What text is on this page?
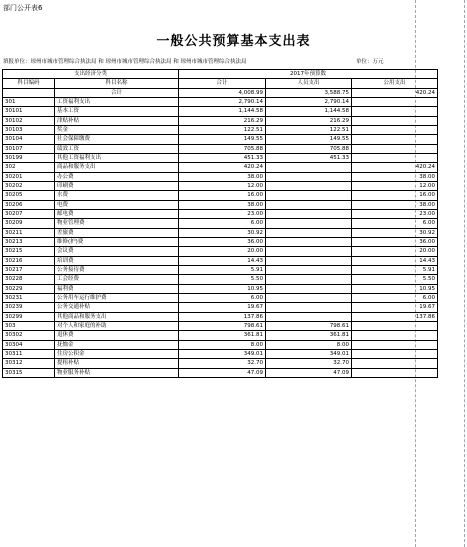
部门公开表6
一般公共预算基本支出表
填报单位：琼州市城市管理综合执法局 和 琼州市城市管理综合执法局 和 琼州市城市管理综合执法局	单位：万元
支出经济分类		2017年预算数		
科目编码	科目名称	合计	人员支出	公用支出
	合计	4,008.99	3,588.75	420.24
301	工资福利支出	2,790.14	2,790.14	
30101	基本工资	1,144.58	1,144.58	
30102	津贴补贴	216.29	216.29	
30103	奖金	122.51	122.51	
30104	社会保障缴费	149.55	149.55	
30107	绩效工资	705.88	705.88	
30199	其他工资福利支出	451.33	451.33	
302	商品和服务支出	420.24		420.24
30201	办公费	38.00		38.00
30202	印刷费	12.00		12.00
30205	水费	16.00		16.00
30206	电费	38.00		38.00
30207	邮电费	23.00		23.00
30209	物业管理费	6.00		6.00
30211	差旅费	30.92		30.92
30213	维修(护)费	36.00		36.00
30215	会议费	20.00		20.00
30216	培训费	14.43		14.43
30217	公务接待费	5.91		5.91
30228	工会经费	5.50		5.50
30229	福利费	10.95		10.95
30231	公务用车运行维护费	6.00		6.00
30239	公务交通补贴	19.67		19.67
30299	其他商品和服务支出	137.86		137.86
303	对个人和家庭的补助	798.61	798.61	
30302	退休费	361.81	361.81	
30304	抚恤金	8.00	8.00	
30311	住房公积金	349.01	349.01	
30312	提租补贴	32.70	32.70	
30315	物业服务补贴	47.09	47.09	
